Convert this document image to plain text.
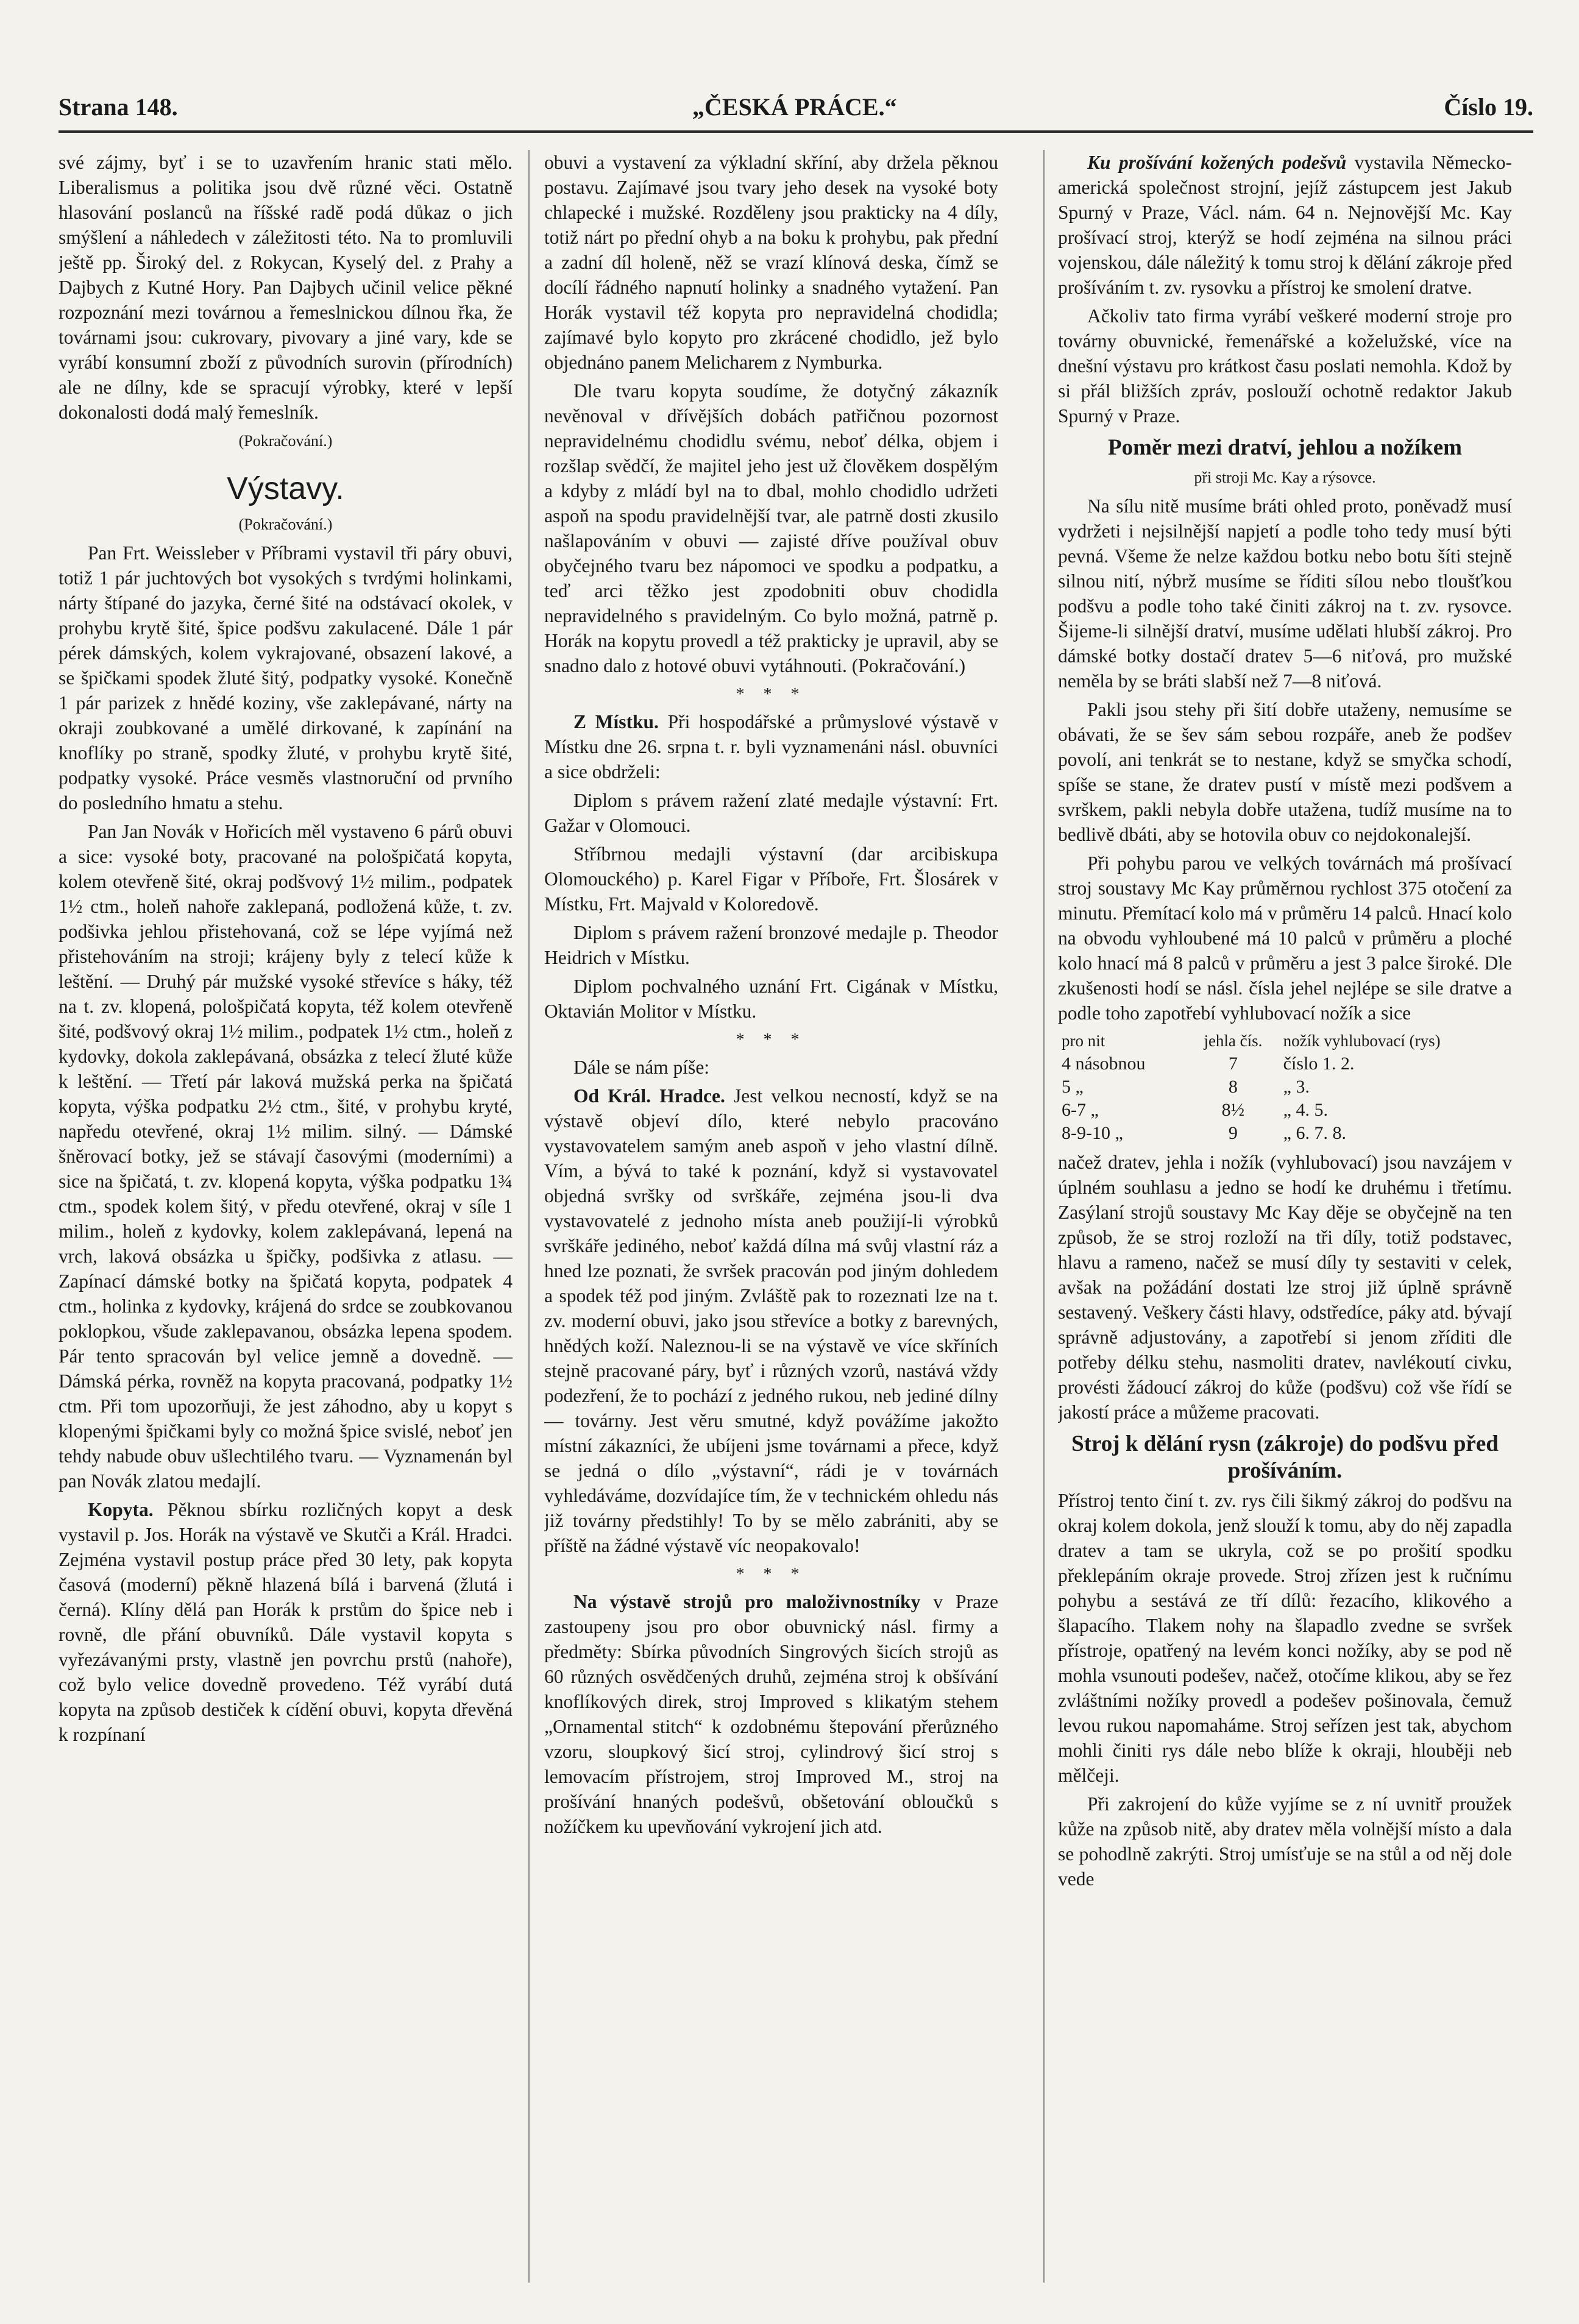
Strana 148.	„ČESKÁ PRÁCE.“	Číslo 19.

své zájmy, byť i se to uzavřením hranic stati mělo. Liberalismus a politika jsou dvě různé věci. Ostatně hlasování poslanců na říšské radě podá důkaz o jich smýšlení a náhledech v záležitosti této. Na to promluvili ještě pp. Široký del. z Rokycan, Kyselý del. z Prahy a Dajbych z Kutné Hory. Pan Dajbych učinil velice pěkné rozpoznání mezi továrnou a řemeslnickou dílnou řka, že továrnami jsou: cukrovary, pivovary a jiné vary, kde se vyrábí konsumní zboží z původních surovin (přírodních) ale ne dílny, kde se spracují výrobky, které v lepší dokonalosti dodá malý řemeslník.

(Pokračování.)

Výstavy.

(Pokračování.)

Pan Frt. Weissleber v Příbrami vystavil tři páry obuvi, totiž 1 pár juchtových bot vysokých s tvrdými holinkami, nárty štípané do jazyka, černé šité na odstávací okolek, v prohybu krytě šité, špice podšvu zakulacené. Dále 1 pár pérek dámských, kolem vykrajované, obsazení lakové, a se špičkami spodek žluté šitý, podpatky vysoké. Konečně 1 pár parizek z hnědé koziny, vše zaklepávané, nárty na okraji zoubkované a umělé dirkované, k zapínání na knoflíky po straně, spodky žluté, v prohybu krytě šité, podpatky vysoké. Práce vesměs vlastnoruční od prvního do posledního hmatu a stehu.

Pan Jan Novák v Hořicích měl vystaveno 6 párů obuvi a sice: vysoké boty, pracované na pološpičatá kopyta, kolem otevřeně šité, okraj podšvový 1½ milim., podpatek 1½ ctm., holeň nahoře zaklepaná, podložená kůže, t. zv. podšivka jehlou přistehovaná, což se lépe vyjímá než přistehováním na stroji; krájeny byly z telecí kůže k leštění. — Druhý pár mužské vysoké střevíce s háky, též na t. zv. klopená, pološpičatá kopyta, též kolem otevřeně šité, podšvový okraj 1½ milim., podpatek 1½ ctm., holeň z kydovky, dokola zaklepávaná, obsázka z telecí žluté kůže k leštění. — Třetí pár laková mužská perka na špičatá kopyta, výška podpatku 2½ ctm., šité, v prohybu kryté, napředu otevřené, okraj 1½ milim. silný. — Dámské šněrovací botky, jež se stávají časovými (moderními) a sice na špičatá, t. zv. klopená kopyta, výška podpatku 1¾ ctm., spodek kolem šitý, v předu otevřené, okraj v síle 1 milim., holeň z kydovky, kolem zaklepávaná, lepená na vrch, laková obsázka u špičky, podšivka z atlasu. — Zapínací dámské botky na špičatá kopyta, podpatek 4 ctm., holinka z kydovky, krájená do srdce se zoubkovanou poklopkou, všude zaklepavanou, obsázka lepena spodem. Pár tento spracován byl velice jemně a dovedně. — Dámská pérka, rovněž na kopyta pracovaná, podpatky 1½ ctm. Při tom upozorňuji, že jest záhodno, aby u kopyt s klopenými špičkami byly co možná špice svislé, neboť jen tehdy nabude obuv ušlechtilého tvaru. — Vyznamenán byl pan Novák zlatou medajlí.

Kopyta. Pěknou sbírku rozličných kopyt a desk vystavil p. Jos. Horák na výstavě ve Skutči a Král. Hradci. Zejména vystavil postup práce před 30 lety, pak kopyta časová (moderní) pěkně hlazená bílá i barvená (žlutá i černá). Klíny dělá pan Horák k prstům do špice neb i rovně, dle přání obuvníků. Dále vystavil kopyta s vyřezávanými prsty, vlastně jen povrchu prstů (nahoře), což bylo velice dovedně provedeno. Též vyrábí dutá kopyta na způsob destiček k cídění obuvi, kopyta dřevěná k rozpínaní

obuvi a vystavení za výkladní skříní, aby držela pěknou postavu. Zajímavé jsou tvary jeho desek na vysoké boty chlapecké i mužské. Rozděleny jsou prakticky na 4 díly, totiž nárt po přední ohyb a na boku k prohybu, pak přední a zadní díl holeně, něž se vrazí klínová deska, čímž se docílí řádného napnutí holinky a snadného vytažení. Pan Horák vystavil též kopyta pro nepravidelná chodidla; zajímavé bylo kopyto pro zkrácené chodidlo, jež bylo objednáno panem Melicharem z Nymburka.

Dle tvaru kopyta soudíme, že dotyčný zákazník nevěnoval v dřívějších dobách patřičnou pozornost nepravidelnému chodidlu svému, neboť délka, objem i rozšlap svědčí, že majitel jeho jest už člověkem dospělým a kdyby z mládí byl na to dbal, mohlo chodidlo udržeti aspoň na spodu pravidelnější tvar, ale patrně dosti zkusilo našlapováním v obuvi — zajisté dříve používal obuv obyčejného tvaru bez nápomoci ve spodku a podpatku, a teď arci těžko jest zpodobniti obuv chodidla nepravidelného s pravidelným. Co bylo možná, patrně p. Horák na kopytu provedl a též prakticky je upravil, aby se snadno dalo z hotové obuvi vytáhnouti. (Pokračování.)

* * *

Z Místku. Při hospodářské a průmyslové výstavě v Místku dne 26. srpna t. r. byli vyznamenáni násl. obuvníci a sice obdrželi:

Diplom s právem ražení zlaté medajle výstavní: Frt. Gažar v Olomouci.

Stříbrnou medajli výstavní (dar arcibiskupa Olomouckého) p. Karel Figar v Příboře, Frt. Šlosárek v Místku, Frt. Majvald v Koloredově.

Diplom s právem ražení bronzové medajle p. Theodor Heidrich v Místku.

Diplom pochvalného uznání Frt. Cigának v Místku, Oktavián Molitor v Místku.

* * *

Dále se nám píše:

Od Král. Hradce. Jest velkou necností, když se na výstavě objeví dílo, které nebylo pracováno vystavovatelem samým aneb aspoň v jeho vlastní dílně. Vím, a bývá to také k poznání, když si vystavovatel objedná svršky od svrškáře, zejména jsou-li dva vystavovatelé z jednoho místa aneb použijí-li výrobků svrškáře jediného, neboť každá dílna má svůj vlastní ráz a hned lze poznati, že svršek pracován pod jiným dohledem a spodek též pod jiným. Zvláště pak to rozeznati lze na t. zv. moderní obuvi, jako jsou střevíce a botky z barevných, hnědých koží. Naleznou-li se na výstavě ve více skříních stejně pracované páry, byť i různých vzorů, nastává vždy podezření, že to pochází z jedného rukou, neb jediné dílny — továrny. Jest věru smutné, když povážíme jakožto místní zákazníci, že ubíjeni jsme továrnami a přece, když se jedná o dílo „výstavní“, rádi je v továrnách vyhledáváme, dozvídajíce tím, že v technickém ohledu nás již továrny předstihly! To by se mělo zabrániti, aby se příště na žádné výstavě víc neopakovalo!

* * *

Na výstavě strojů pro maloživnostníky v Praze zastoupeny jsou pro obor obuvnický násl. firmy a předměty: Sbírka původních Singrových šicích strojů as 60 různých osvědčených druhů, zejména stroj k obšívání knoflíkových direk, stroj Improved s klikatým stehem „Ornamental stitch“ k ozdobnému štepování přerůzného vzoru, sloupkový šicí stroj, cylindrový šicí stroj s lemovacím přístrojem, stroj Improved M., stroj na prošívání hnaných podešvů, obšetování obloučků s nožíčkem ku upevňování vykrojení jich atd.

Ku prošívání kožených podešvů vystavila Německo-americká společnost strojní, jejíž zástupcem jest Jakub Spurný v Praze, Václ. nám. 64 n. Nejnovější Mc. Kay prošívací stroj, kterýž se hodí zejména na silnou práci vojenskou, dále náležitý k tomu stroj k dělání zákroje před prošíváním t. zv. rysovku a přístroj ke smolení dratve.

Ačkoliv tato firma vyrábí veškeré moderní stroje pro továrny obuvnické, řemenářské a koželužské, více na dnešní výstavu pro krátkost času poslati nemohla. Kdož by si přál bližších zpráv, poslouží ochotně redaktor Jakub Spurný v Praze.

Poměr mezi dratví, jehlou a nožíkem

při stroji Mc. Kay a rýsovce.

Na sílu nitě musíme bráti ohled proto, poněvadž musí vydržeti i nejsilnější napjetí a podle toho tedy musí býti pevná. Všeme že nelze každou botku nebo botu šíti stejně silnou nití, nýbrž musíme se říditi sílou nebo tloušťkou podšvu a podle toho také činiti zákroj na t. zv. rysovce. Šijeme-li silnější dratví, musíme udělati hlubší zákroj. Pro dámské botky dostačí dratev 5—6 niťová, pro mužské neměla by se bráti slabší než 7—8 niťová.

Pakli jsou stehy při šití dobře utaženy, nemusíme se obávati, že se šev sám sebou rozpáře, aneb že podšev povolí, ani tenkrát se to nestane, když se smyčka schodí, spíše se stane, že dratev pustí v místě mezi podšvem a svrškem, pakli nebyla dobře utažena, tudíž musíme na to bedlivě dbáti, aby se hotovila obuv co nejdokonalejší.

Při pohybu parou ve velkých továrnách má prošívací stroj soustavy Mc Kay průměrnou rychlost 375 otočení za minutu. Přemítací kolo má v průměru 14 palců. Hnací kolo na obvodu vyhloubené má 10 palců v průměru a ploché kolo hnací má 8 palců v průměru a jest 3 palce široké. Dle zkušenosti hodí se násl. čísla jehel nejlépe se sile dratve a podle toho zapotřebí vyhlubovací nožík a sice

pro nit	jehla čís.	nožík vyhlubovací (rys)
4 násobnou	7	číslo 1. 2.
5 „	8	„ 3.
6-7 „	8½	„ 4. 5.
8-9-10 „	9	„ 6. 7. 8.

načež dratev, jehla i nožík (vyhlubovací) jsou navzájem v úplném souhlasu a jedno se hodí ke druhému i třetímu. Zasýlaní strojů soustavy Mc Kay děje se obyčejně na ten způsob, že se stroj rozloží na tři díly, totiž podstavec, hlavu a rameno, načež se musí díly ty sestaviti v celek, avšak na požádání dostati lze stroj již úplně správně sestavený. Veškery části hlavy, odstředíce, páky atd. bývají správně adjustovány, a zapotřebí si jenom zříditi dle potřeby délku stehu, nasmoliti dratev, navlékoutí civku, provésti žádoucí zákroj do kůže (podšvu) což vše řídí se jakostí práce a můžeme pracovati.

Stroj k dělání rysn (zákroje) do podšvu před prošíváním.

Přístroj tento činí t. zv. rys čili šikmý zákroj do podšvu na okraj kolem dokola, jenž slouží k tomu, aby do něj zapadla dratev a tam se ukryla, což se po prošití spodku překlepáním okraje provede. Stroj zřízen jest k ručnímu pohybu a sestává ze tří dílů: řezacího, klikového a šlapacího. Tlakem nohy na šlapadlo zvedne se svršek přístroje, opatřený na levém konci nožíky, aby se pod ně mohla vsunouti podešev, načež, otočíme klikou, aby se řez zvláštními nožíky provedl a podešev pošinovala, čemuž levou rukou napomaháme. Stroj seřízen jest tak, abychom mohli činiti rys dále nebo blíže k okraji, hlouběji neb mělčeji.

Při zakrojení do kůže vyjíme se z ní uvnitř proužek kůže na způsob nitě, aby dratev měla volnější místo a dala se pohodlně zakrýti. Stroj umísťuje se na stůl a od něj dole vede
